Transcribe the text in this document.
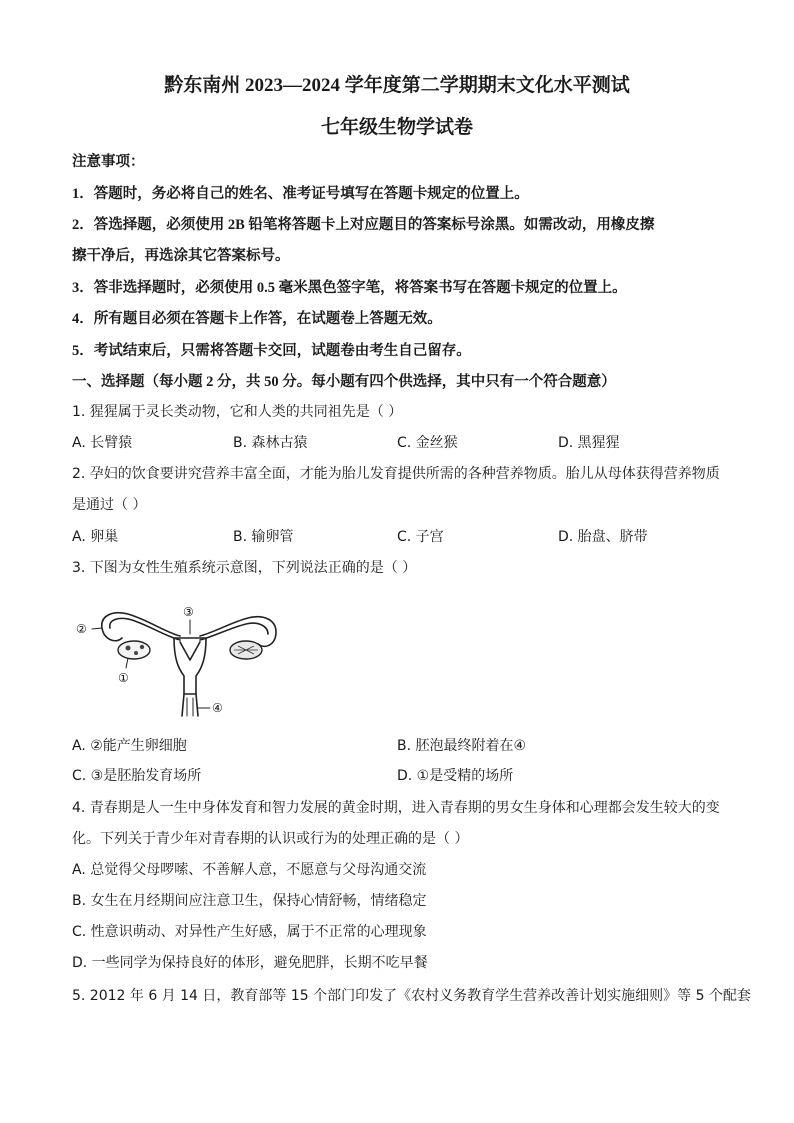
黔东南州 2023—2024 学年度第二学期期末文化水平测试
七年级生物学试卷
注意事项：
1．答题时，务必将自己的姓名、准考证号填写在答题卡规定的位置上。
2．答选择题，必须使用 2B 铅笔将答题卡上对应题目的答案标号涂黑。如需改动，用橡皮擦
擦干净后，再选涂其它答案标号。
3．答非选择题时，必须使用 0.5 毫米黑色签字笔，将答案书写在答题卡规定的位置上。
4．所有题目必须在答题卡上作答，在试题卷上答题无效。
5．考试结束后，只需将答题卡交回，试题卷由考生自己留存。
一、选择题（每小题 2 分，共 50 分。每小题有四个供选择，其中只有一个符合题意）
1. 猩猩属于灵长类动物，它和人类的共同祖先是（ ）
A. 长臂猿	B. 森林古猿	C. 金丝猴	D. 黑猩猩
2. 孕妇的饮食要讲究营养丰富全面，才能为胎儿发育提供所需的各种营养物质。胎儿从母体获得营养物质
是通过（ ）
A. 卵巢	B. 输卵管	C. 子宫	D. 胎盘、脐带
3. 下图为女性生殖系统示意图，下列说法正确的是（ ）
③
②
①
④
A. ②能产生卵细胞	B. 胚泡最终附着在④
C. ③是胚胎发育场所	D. ①是受精的场所
4. 青春期是人一生中身体发育和智力发展的黄金时期，进入青春期的男女生身体和心理都会发生较大的变
化。下列关于青少年对青春期的认识或行为的处理正确的是（ ）
A. 总觉得父母啰嗦、不善解人意，不愿意与父母沟通交流
B. 女生在月经期间应注意卫生，保持心情舒畅，情绪稳定
C. 性意识萌动、对异性产生好感，属于不正常的心理现象
D. 一些同学为保持良好的体形，避免肥胖，长期不吃早餐
5. 2012 年 6 月 14 日，教育部等 15 个部门印发了《农村义务教育学生营养改善计划实施细则》等 5 个配套
